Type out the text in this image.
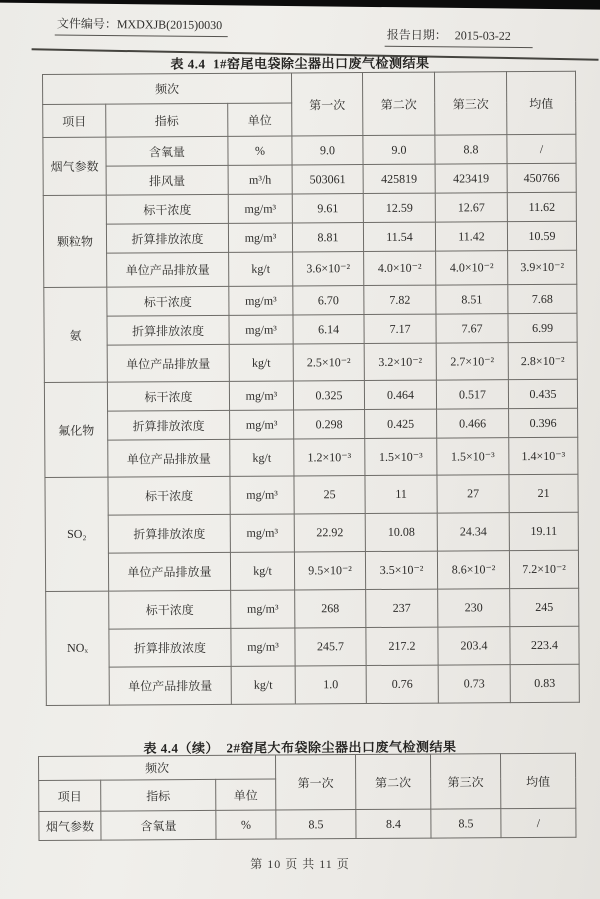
文件编号：MXDXJB(2015)0030
报告日期： 2015-03-22
表 4.4  1#窑尾电袋除尘器出口废气检测结果
频次			第一次	第二次	第三次	均值
项目	指标	单位				
烟气参数	含氧量	%	9.0	9.0	8.8	/
	排风量	m³/h	503061	425819	423419	450766
颗粒物	标干浓度	mg/m³	9.61	12.59	12.67	11.62
	折算排放浓度	mg/m³	8.81	11.54	11.42	10.59
	单位产品排放量	kg/t	3.6×10⁻²	4.0×10⁻²	4.0×10⁻²	3.9×10⁻²
氨	标干浓度	mg/m³	6.70	7.82	8.51	7.68
	折算排放浓度	mg/m³	6.14	7.17	7.67	6.99
	单位产品排放量	kg/t	2.5×10⁻²	3.2×10⁻²	2.7×10⁻²	2.8×10⁻²
氟化物	标干浓度	mg/m³	0.325	0.464	0.517	0.435
	折算排放浓度	mg/m³	0.298	0.425	0.466	0.396
	单位产品排放量	kg/t	1.2×10⁻³	1.5×10⁻³	1.5×10⁻³	1.4×10⁻³
SO₂	标干浓度	mg/m³	25	11	27	21
	折算排放浓度	mg/m³	22.92	10.08	24.34	19.11
	单位产品排放量	kg/t	9.5×10⁻²	3.5×10⁻²	8.6×10⁻²	7.2×10⁻²
NOₓ	标干浓度	mg/m³	268	237	230	245
	折算排放浓度	mg/m³	245.7	217.2	203.4	223.4
	单位产品排放量	kg/t	1.0	0.76	0.73	0.83
表 4.4（续）  2#窑尾大布袋除尘器出口废气检测结果
频次			第一次	第二次	第三次	均值
项目	指标	单位				
烟气参数	含氧量	%	8.5	8.4	8.5	/
第 10 页 共 11 页
